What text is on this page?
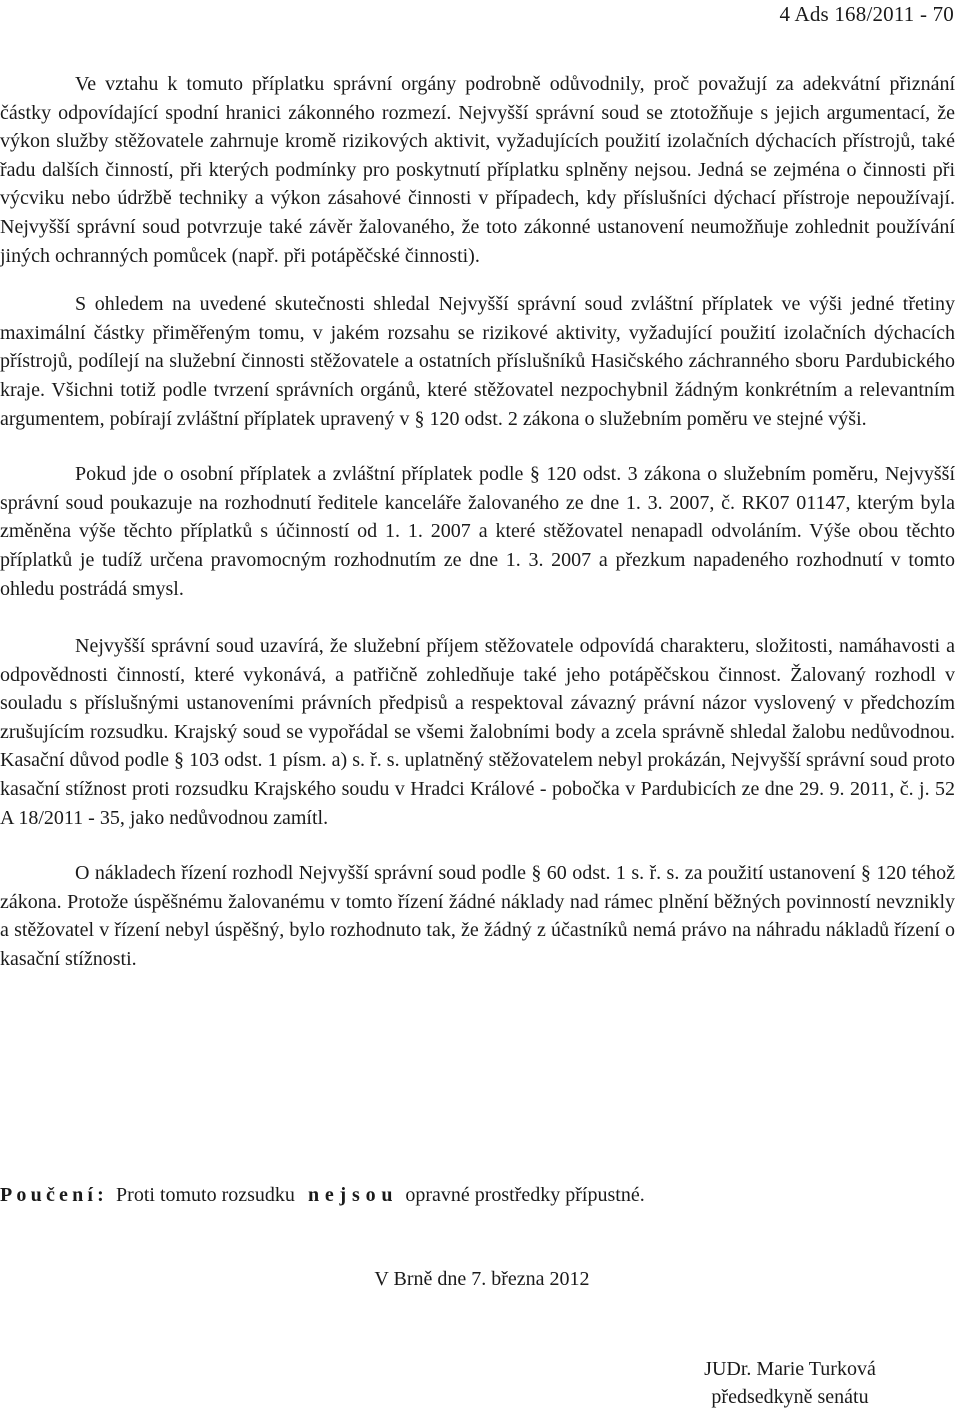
4 Ads 168/2011 - 70

Ve vztahu k tomuto příplatku správní orgány podrobně odůvodnily, proč považují za adekvátní přiznání částky odpovídající spodní hranici zákonného rozmezí. Nejvyšší správní soud se ztotožňuje s jejich argumentací, že výkon služby stěžovatele zahrnuje kromě rizikových aktivit, vyžadujících použití izolačních dýchacích přístrojů, také řadu dalších činností, při kterých podmínky pro poskytnutí příplatku splněny nejsou. Jedná se zejména o činnosti při výcviku nebo údržbě techniky a výkon zásahové činnosti v případech, kdy příslušníci dýchací přístroje nepoužívají. Nejvyšší správní soud potvrzuje také závěr žalovaného, že toto zákonné ustanovení neumožňuje zohlednit používání jiných ochranných pomůcek (např. při potápěčské činnosti).

S ohledem na uvedené skutečnosti shledal Nejvyšší správní soud zvláštní příplatek ve výši jedné třetiny maximální částky přiměřeným tomu, v jakém rozsahu se rizikové aktivity, vyžadující použití izolačních dýchacích přístrojů, podílejí na služební činnosti stěžovatele a ostatních příslušníků Hasičského záchranného sboru Pardubického kraje. Všichni totiž podle tvrzení správních orgánů, které stěžovatel nezpochybnil žádným konkrétním a relevantním argumentem, pobírají zvláštní příplatek upravený v § 120 odst. 2 zákona o služebním poměru ve stejné výši.

Pokud jde o osobní příplatek a zvláštní příplatek podle § 120 odst. 3 zákona o služebním poměru, Nejvyšší správní soud poukazuje na rozhodnutí ředitele kanceláře žalovaného ze dne 1. 3. 2007, č. RK07 01147, kterým byla změněna výše těchto příplatků s účinností od 1. 1. 2007 a které stěžovatel nenapadl odvoláním. Výše obou těchto příplatků je tudíž určena pravomocným rozhodnutím ze dne 1. 3. 2007 a přezkum napadeného rozhodnutí v tomto ohledu postrádá smysl.

Nejvyšší správní soud uzavírá, že služební příjem stěžovatele odpovídá charakteru, složitosti, namáhavosti a odpovědnosti činností, které vykonává, a patřičně zohledňuje také jeho potápěčskou činnost. Žalovaný rozhodl v souladu s příslušnými ustanoveními právních předpisů a respektoval závazný právní názor vyslovený v předchozím zrušujícím rozsudku. Krajský soud se vypořádal se všemi žalobními body a zcela správně shledal žalobu nedůvodnou. Kasační důvod podle § 103 odst. 1 písm. a) s. ř. s. uplatněný stěžovatelem nebyl prokázán, Nejvyšší správní soud proto kasační stížnost proti rozsudku Krajského soudu v Hradci Králové - pobočka v Pardubicích ze dne 29. 9. 2011, č. j. 52 A 18/2011 - 35, jako nedůvodnou zamítl.

O nákladech řízení rozhodl Nejvyšší správní soud podle § 60 odst. 1 s. ř. s. za použití ustanovení § 120 téhož zákona. Protože úspěšnému žalovanému v tomto řízení žádné náklady nad rámec plnění běžných povinností nevznikly a stěžovatel v řízení nebyl úspěšný, bylo rozhodnuto tak, že žádný z účastníků nemá právo na náhradu nákladů řízení o kasační stížnosti.

Poučení: Proti tomuto rozsudku nejsou opravné prostředky přípustné.
V Brně dne 7. března 2012
JUDr. Marie Turková
předsedkyně senátu
